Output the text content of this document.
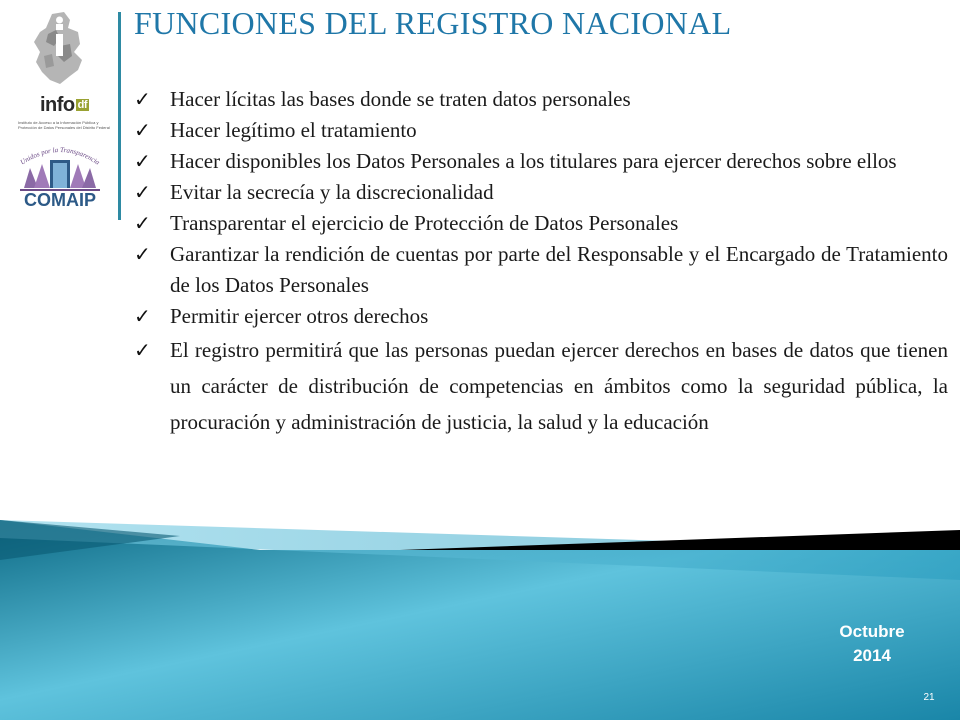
info df
Instituto de Acceso a la Información Pública y Protección de Datos Personales del Distrito Federal
Unidos por la Transparencia
COMAIP
FUNCIONES DEL REGISTRO NACIONAL
✓ Hacer lícitas las bases donde se traten datos personales
✓ Hacer legítimo el tratamiento
✓ Hacer disponibles los Datos Personales a los titulares para ejercer derechos sobre ellos
✓ Evitar la secrecía y la discrecionalidad
✓ Transparentar el ejercicio de Protección de Datos Personales
✓ Garantizar la rendición de cuentas por parte del Responsable y el Encargado de Tratamiento de los Datos Personales
✓ Permitir ejercer otros derechos
✓ El registro permitirá que las personas puedan ejercer derechos en bases de datos que tienen un carácter de distribución de competencias en ámbitos como la seguridad pública, la procuración y administración de justicia, la salud y la educación
Octubre
2014
21
